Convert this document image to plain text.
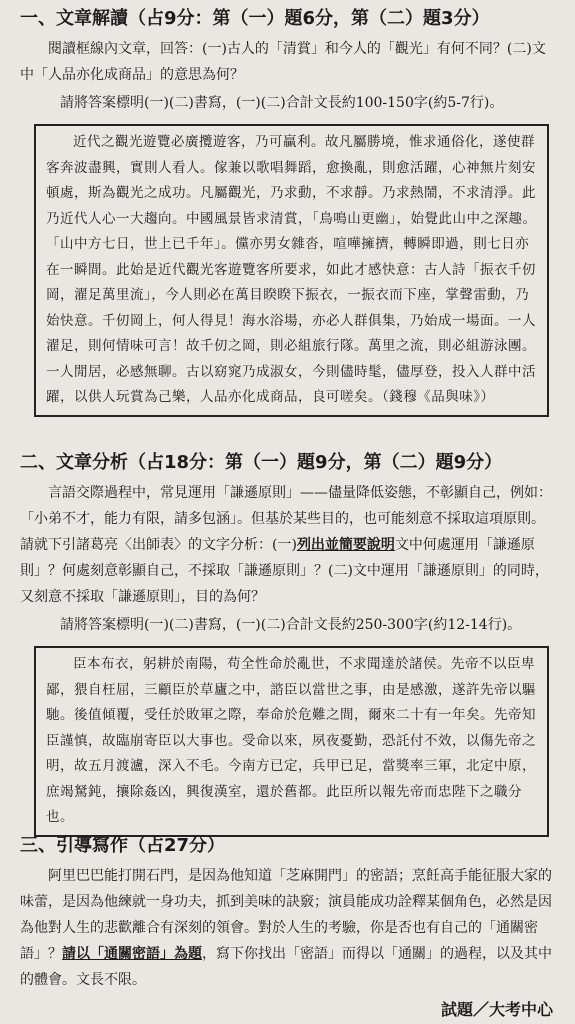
一、文章解讀（占9分：第（一）題6分，第（二）題3分）

閱讀框線內文章，回答：(一)古人的「清賞」和今人的「觀光」有何不同？(二)文中「人品亦化成商品」的意思為何？

請將答案標明(一)(二)書寫，(一)(二)合計文長約100-150字(約5-7行)。

近代之觀光遊覽必廣攬遊客，乃可贏利。故凡屬勝境，惟求通俗化，遂使群客奔波盡興，實則人看人。傢兼以歌唱舞蹈，愈換亂，則愈活躍，心神無片刻安頓處，斯為觀光之成功。凡屬觀光，乃求動，不求靜。乃求熱鬧，不求清淨。此乃近代人心一大趨向。中國風景皆求清賞，「鳥鳴山更幽」，始覺此山中之深趣。「山中方七日，世上已千年」。儻亦男女雜沓，喧嘩擁擠，轉瞬即過，則七日亦在一瞬間。此始是近代觀光客遊覽客所要求，如此才感快意：古人詩「振衣千仞岡，濯足萬里流」，今人則必在萬目睽睽下振衣，一振衣而下座，掌聲雷動，乃始快意。千仞岡上，何人得見！海水浴場，亦必人群俱集，乃始成一場面。一人濯足，則何情味可言！故千仞之岡，則必組旅行隊。萬里之流，則必組游泳團。一人閒居，必感無聊。古以窈窕乃成淑女，今則儘時髦，儘厚登，投入人群中活躍，以供人玩賞為己樂，人品亦化成商品，良可嗟矣。（錢穆《品與味》）

二、文章分析（占18分：第（一）題9分，第（二）題9分）

言語交際過程中，常見運用「謙遜原則」——儘量降低姿態，不彰顯自己，例如：「小弟不才，能力有限，請多包涵」。但基於某些目的，也可能刻意不採取這項原則。請就下引諸葛亮〈出師表〉的文字分析：(一)列出並簡要說明文中何處運用「謙遜原則」？何處刻意彰顯自己，不採取「謙遜原則」？(二)文中運用「謙遜原則」的同時，又刻意不採取「謙遜原則」，目的為何？

請將答案標明(一)(二)書寫，(一)(二)合計文長約250-300字(約12-14行)。

臣本布衣，躬耕於南陽，苟全性命於亂世，不求聞達於諸侯。先帝不以臣卑鄙，猥自枉屈，三顧臣於草廬之中，諮臣以當世之事，由是感激，遂許先帝以驅馳。後值傾覆，受任於敗軍之際，奉命於危難之間，爾來二十有一年矣。先帝知臣謹慎，故臨崩寄臣以大事也。受命以來，夙夜憂勤，恐託付不效，以傷先帝之明，故五月渡瀘，深入不毛。今南方已定，兵甲已足，當獎率三軍，北定中原，庶竭駑鈍，攘除姦凶，興復漢室，還於舊都。此臣所以報先帝而忠陛下之職分也。

三、引導寫作（占27分）

阿里巴巴能打開石門，是因為他知道「芝麻開門」的密語；烹飪高手能征服大家的味蕾，是因為他練就一身功夫，抓到美味的訣竅；演員能成功詮釋某個角色，必然是因為他對人生的悲歡離合有深刻的領會。對於人生的考驗，你是否也有自己的「通關密語」？請以「通關密語」為題，寫下你找出「密語」而得以「通關」的過程，以及其中的體會。文長不限。

試題／大考中心
